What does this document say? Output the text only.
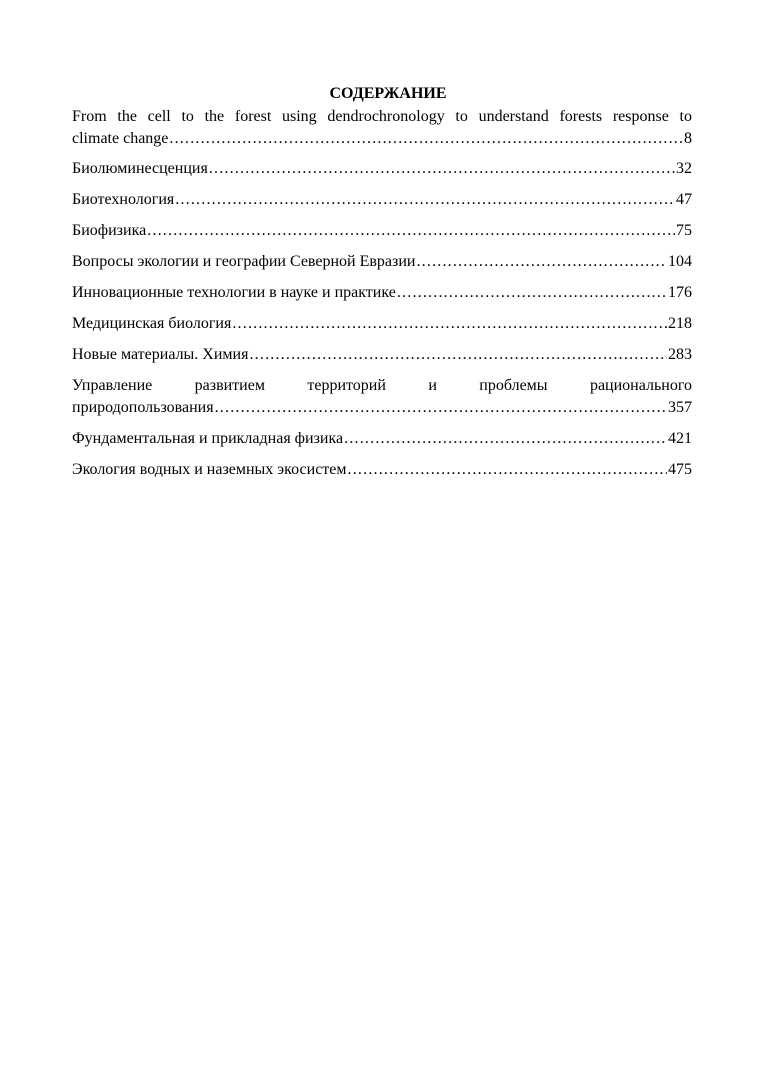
СОДЕРЖАНИЕ
From the cell to the forest using dendrochronology to understand forests response to
climate change .....	8
Биолюминесценция .....	32
Биотехнология .....	47
Биофизика .....	75
Вопросы экологии и географии Северной Евразии .....	104
Инновационные технологии в науке и практике .....	176
Медицинская биология .....	218
Новые материалы. Химия .....	283
Управление развитием территорий и проблемы рационального
природопользования .....	357
Фундаментальная и прикладная физика .....	421
Экология водных и наземных экосистем .....	475
